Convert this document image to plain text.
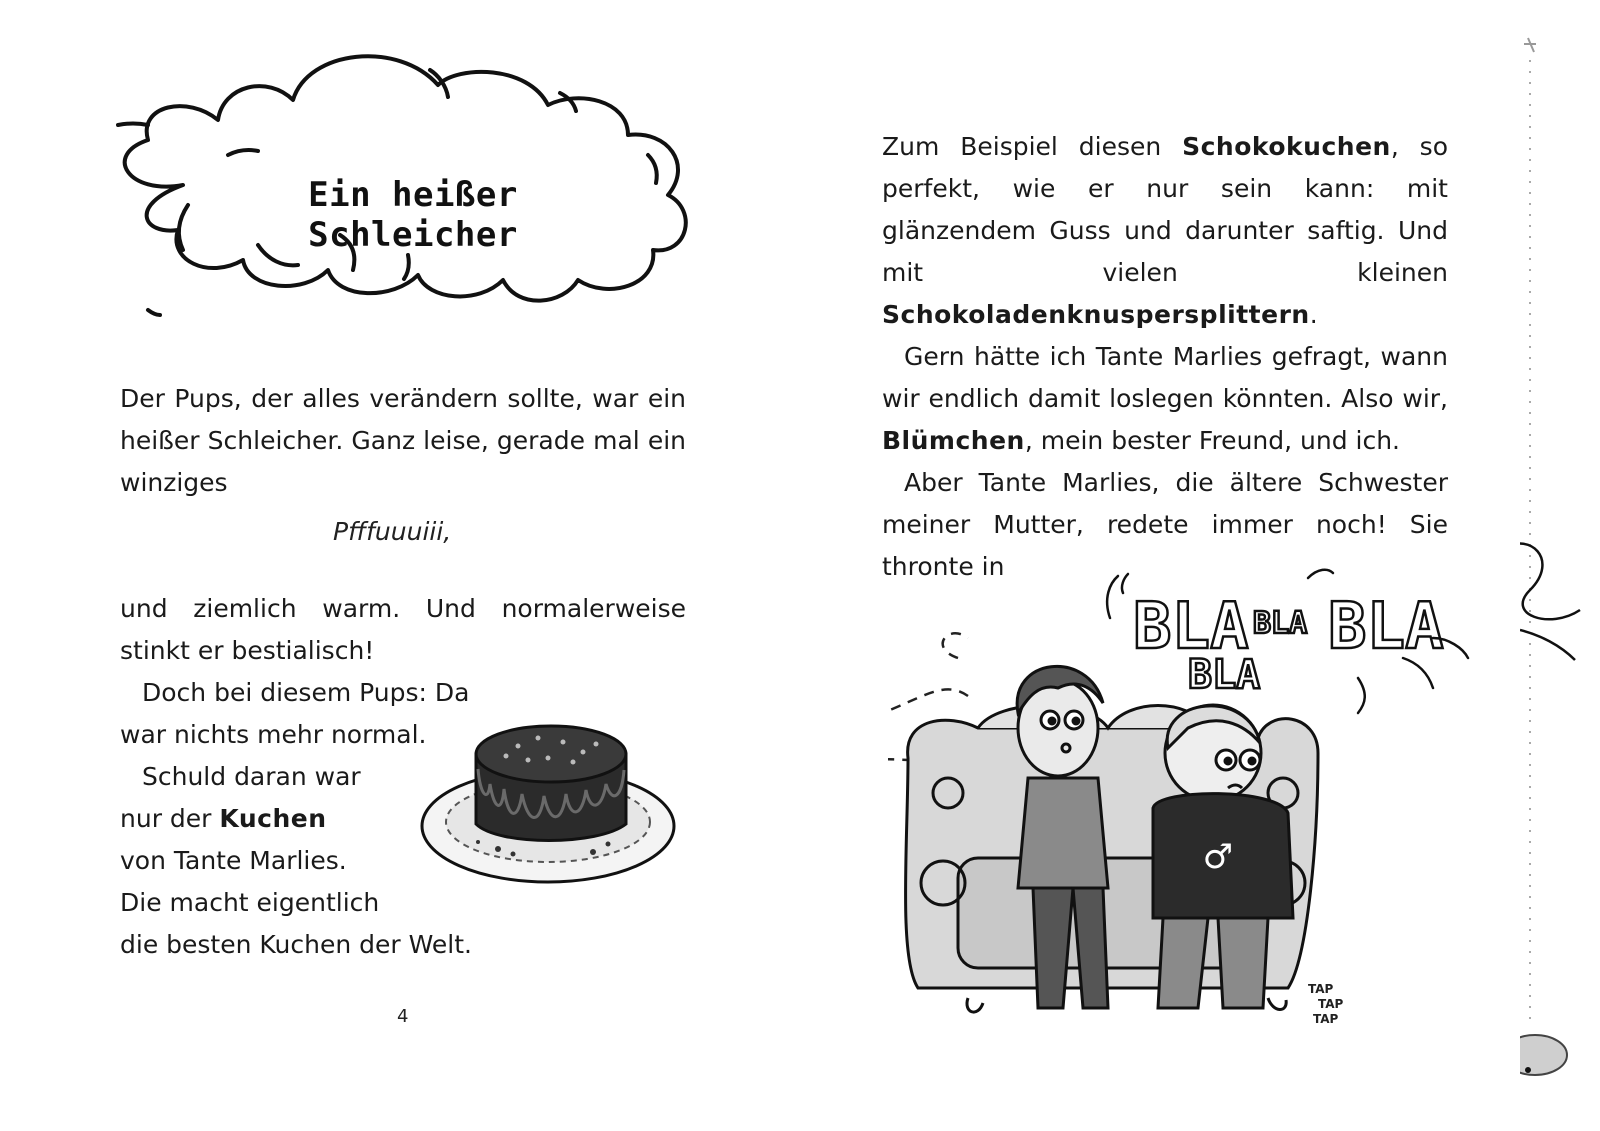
Ein heißer Schleicher

Der Pups, der alles verändern sollte, war ein heißer Schleicher. Ganz leise, gerade mal ein winziges

Pfffuuuiii,

und ziemlich warm. Und normalerweise stinkt er bestialisch!

Doch bei diesem Pups: Da
war nichts mehr normal.
Schuld daran war
nur der Kuchen
von Tante Marlies.
Die macht eigentlich
die besten Kuchen der Welt.
4

Zum Beispiel diesen Schokokuchen, so perfekt, wie er nur sein kann: mit glänzendem Guss und darunter saftig. Und mit vielen kleinen Schokoladenknuspersplittern.

Gern hätte ich Tante Marlies gefragt, wann wir endlich damit loslegen könnten. Also wir, Blümchen, mein bester Freund, und ich.

Aber Tante Marlies, die ältere Schwester meiner Mutter, redete immer noch! Sie thronte in

♂
BLA BLA BLA
BLA
TAP
TAP
TAP
